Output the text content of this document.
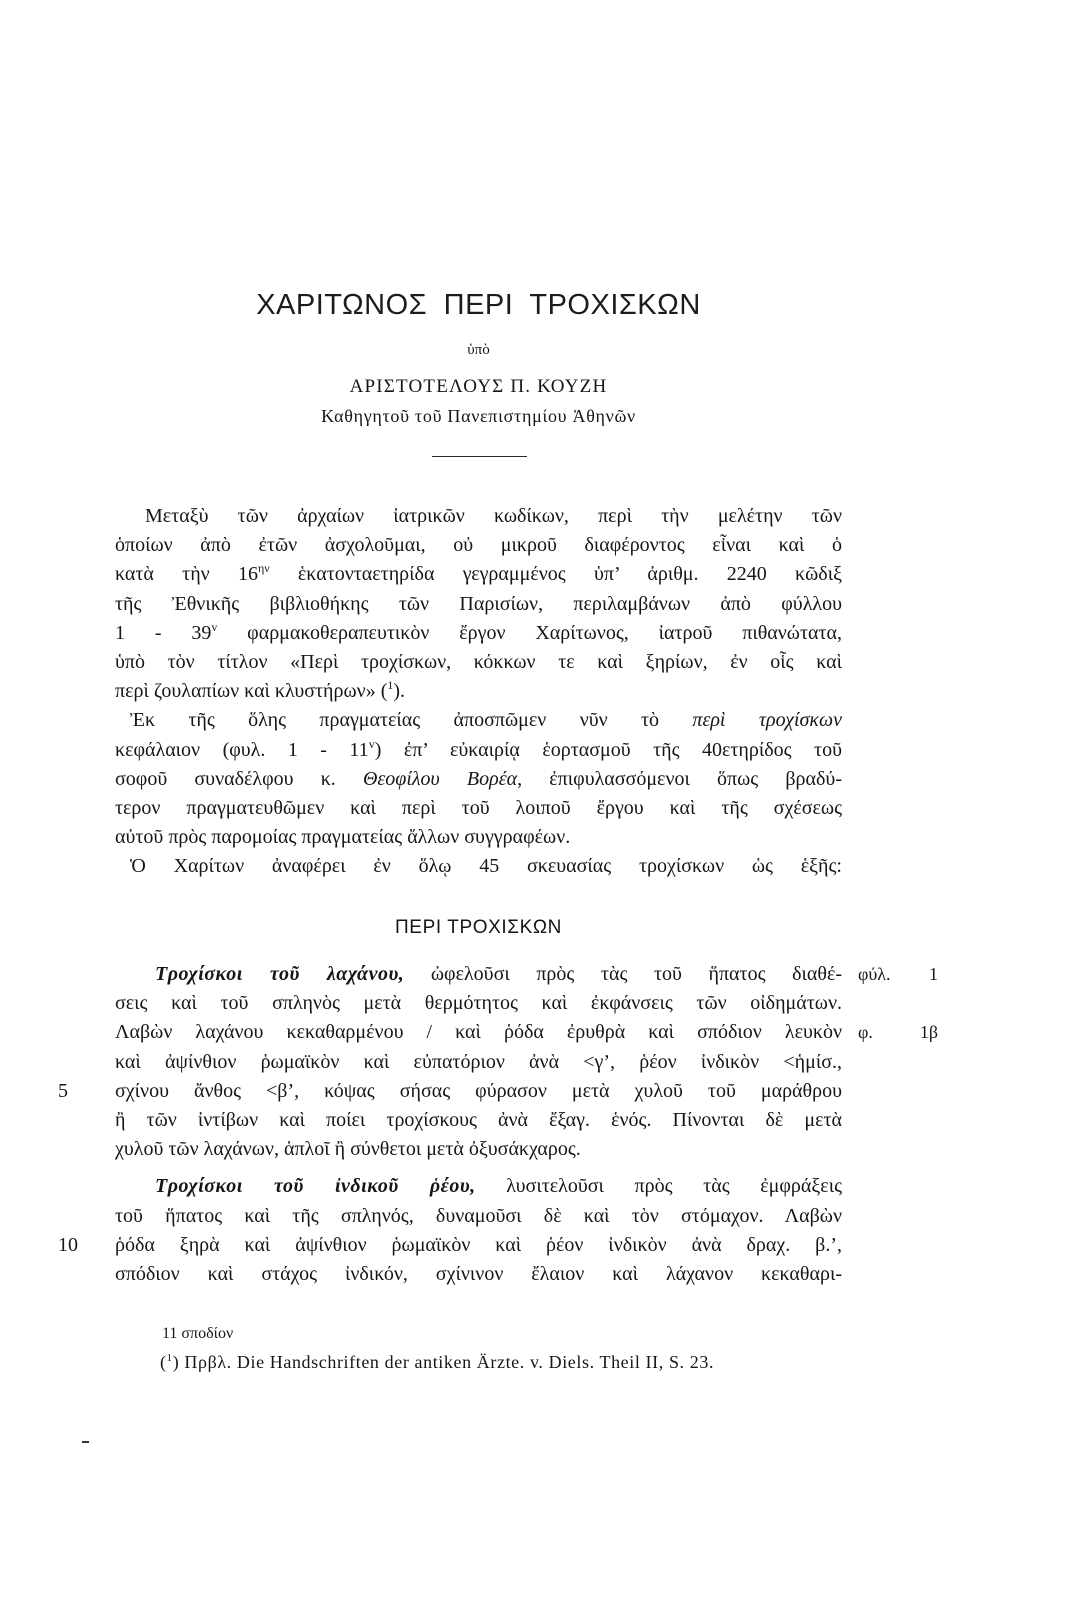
ΧΑΡΙΤΩΝΟΣ ΠΕΡΙ ΤΡΟΧΙΣΚΩΝ
ὑπὸ
ΑΡΙΣΤΟΤΕΛΟΥΣ Π. ΚΟΥΖΗ
Καθηγητοῦ τοῦ Πανεπιστημίου Ἀθηνῶν
Μεταξὺ τῶν ἀρχαίων ἰατρικῶν κωδίκων, περὶ τὴν μελέτην τῶν
ὁποίων ἀπὸ ἐτῶν ἀσχολοῦμαι, οὐ μικροῦ διαφέροντος εἶναι καὶ ὁ
κατὰ τὴν $16^{\eta\nu}$ ἑκατονταετηρίδα γεγραμμένος ὑπ’ ἀριθμ. 2240 κῶδιξ
τῆς Ἐθνικῆς βιβλιοθήκης τῶν Παρισίων, περιλαμβάνων ἀπὸ φύλλου
1 - 39$^v$ φαρμακοθεραπευτικὸν ἔργον Χαρίτωνος, ἰατροῦ πιθανώτατα,
ὑπὸ τὸν τίτλον «Περὶ τροχίσκων, κόκκων τε καὶ ξηρίων, ἐν οἷς καὶ
περὶ ζουλαπίων καὶ κλυστήρων» ($^1$).
Ἐκ τῆς ὅλης πραγματείας ἀποσπῶμεν νῦν τὸ περὶ τροχίσκων
κεφάλαιον (φυλ. 1 - 11$^v$) ἐπ’ εὐκαιρίᾳ ἑορτασμοῦ τῆς 40ετηρίδος τοῦ
σοφοῦ συναδέλφου κ. Θεοφίλου Βορέα, ἐπιφυλασσόμενοι ὅπως βραδύ-
τερον πραγματευθῶμεν καὶ περὶ τοῦ λοιποῦ ἔργου καὶ τῆς σχέσεως
αὐτοῦ πρὸς παρομοίας πραγματείας ἄλλων συγγραφέων.
Ὁ Χαρίτων ἀναφέρει ἐν ὅλῳ 45 σκευασίας τροχίσκων ὡς ἑξῆς:
ΠΕΡΙ ΤΡΟΧΙΣΚΩΝ
Τροχίσκοι τοῦ λαχάνου, ὠφελοῦσι πρὸς τὰς τοῦ ἥπατος διαθέ- φύλ. 1
σεις καὶ τοῦ σπληνὸς μετὰ θερμότητος καὶ ἐκφάνσεις τῶν οἰδημάτων.
Λαβὼν λαχάνου κεκαθαρμένου / καὶ ῥόδα ἐρυθρὰ καὶ σπόδιον λευκὸν φ. 1β
καὶ ἀψίνθιον ῥωμαϊκὸν καὶ εὐπατόριον ἀνὰ <γ’, ῥέον ἰνδικὸν <ἡμίσ.,
5	σχίνου ἄνθος <β’, κόψας σήσας φύρασον μετὰ χυλοῦ τοῦ μαράθρου
ἢ τῶν ἰντίβων καὶ ποίει τροχίσκους ἀνὰ ἔξαγ. ἑνός. Πίνονται δὲ μετὰ
χυλοῦ τῶν λαχάνων, ἁπλοῖ ἢ σύνθετοι μετὰ ὀξυσάκχαρος.
Τροχίσκοι τοῦ ἰνδικοῦ ῥέου, λυσιτελοῦσι πρὸς τὰς ἐμφράξεις
τοῦ ἥπατος καὶ τῆς σπληνός, δυναμοῦσι δὲ καὶ τὸν στόμαχον. Λαβὼν
10	ῥόδα ξηρὰ καὶ ἀψίνθιον ῥωμαϊκὸν καὶ ῥέον ἰνδικὸν ἀνὰ δραχ. β.’,
σπόδιον καὶ στάχος ἰνδικόν, σχίνινον ἔλαιον καὶ λάχανον κεκαθαρι-
11 σποδίον
($^1$) Πρβλ. Die Handschriften der antiken Ärzte. v. Diels. Theil II, S. 23.
